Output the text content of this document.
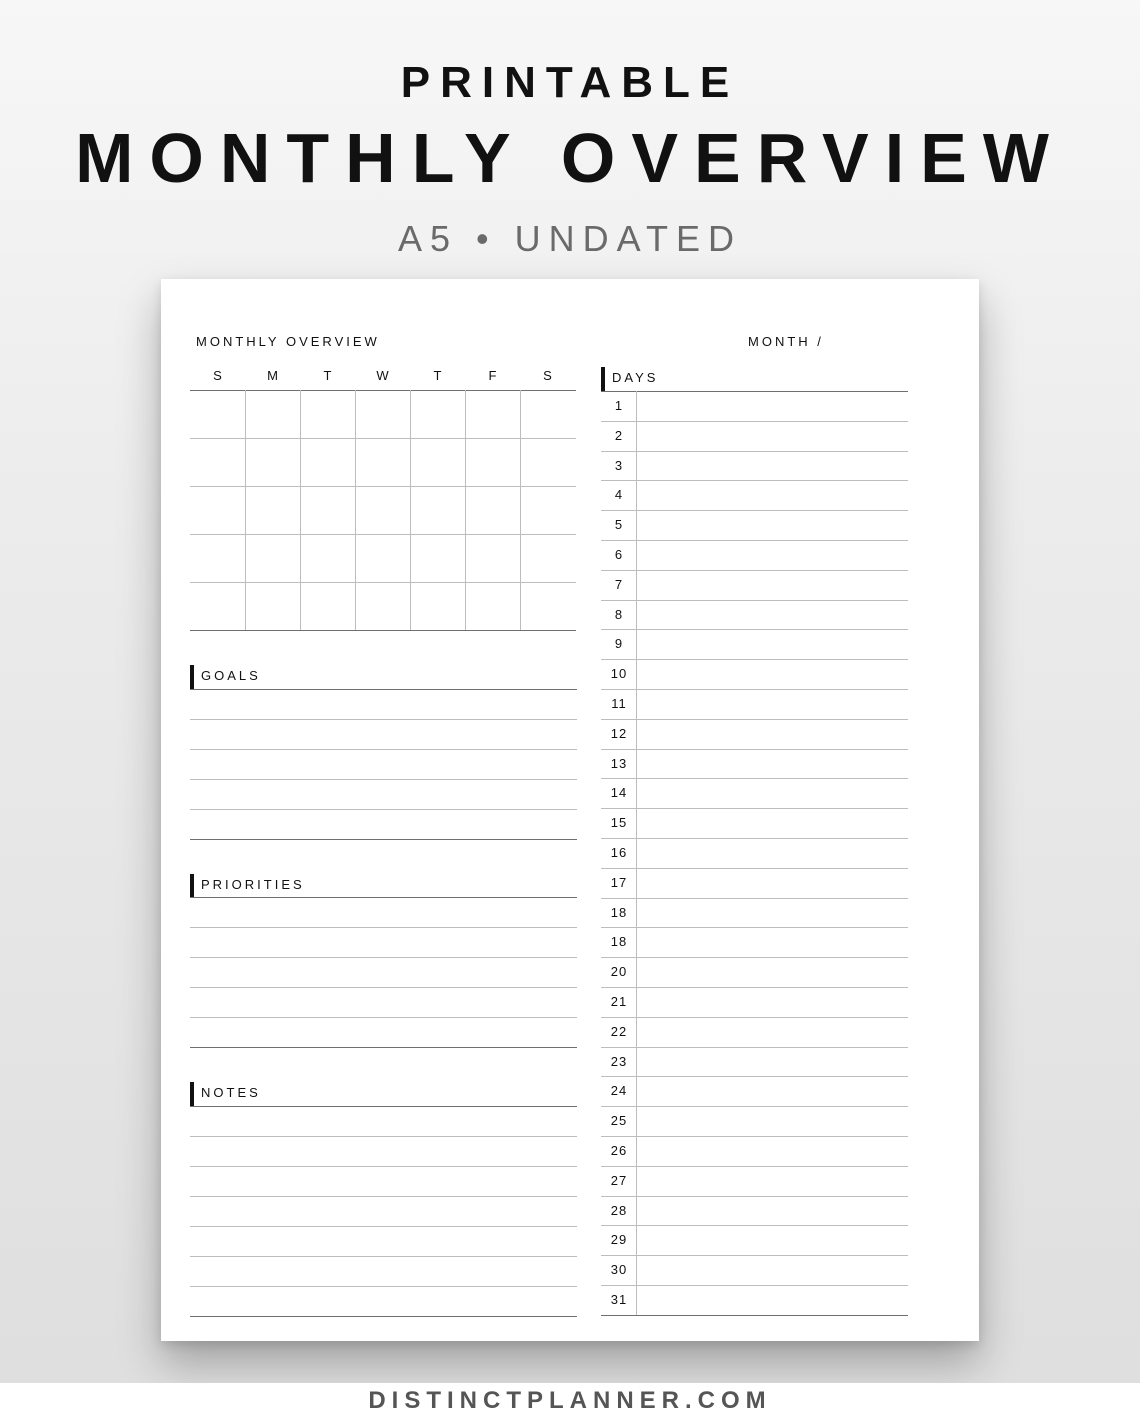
PRINTABLE
MONTHLY OVERVIEW
A5 • UNDATED
MONTHLY OVERVIEW	MONTH /
S	M	T	W	T	F	S
GOALS
PRIORITIES
NOTES
DAYS
1
2
3
4
5
6
7
8
9
10
11
12
13
14
15
16
17
18
18
20
21
22
23
24
25
26
27
28
29
30
31
DISTINCTPLANNER.COM
